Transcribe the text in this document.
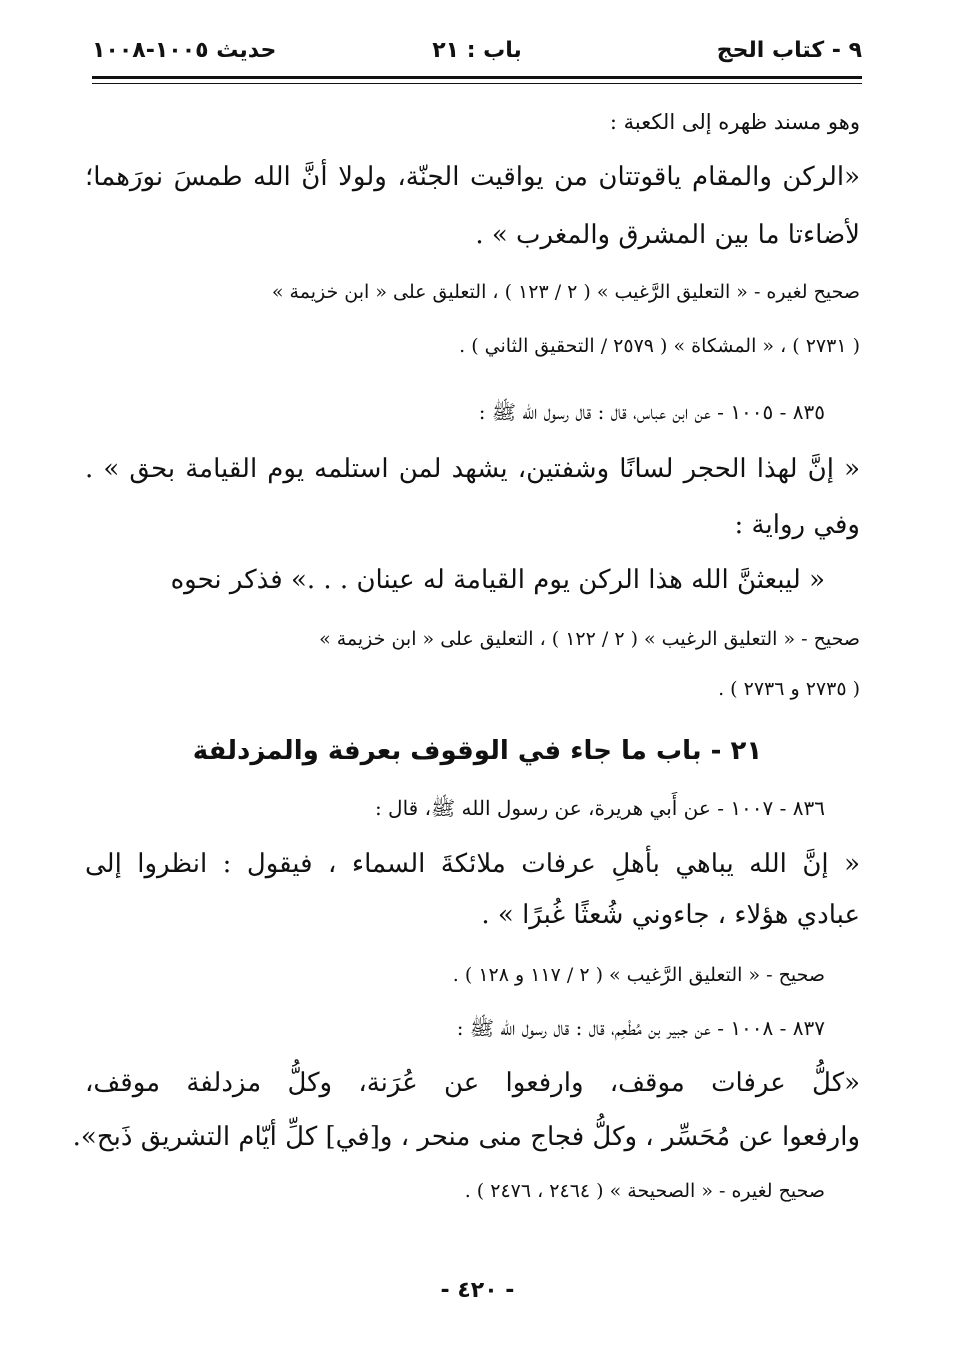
٩ - كتاب الحج
باب : ٢١
حديث ١٠٠٥-١٠٠٨
وهو مسند ظهره إلى الكعبة :
«الركن والمقام ياقوتتان من يواقيت الجنّة، ولولا أنَّ الله طمسَ نورَهما؛
لأضاءتا ما بين المشرق والمغرب » .
صحيح لغيره - « التعليق الرَّغيب » ( ٢ / ١٢٣ ) ، التعليق على « ابن خزيمة »
( ٢٧٣١ ) ، « المشكاة » ( ٢٥٧٩ / التحقيق الثاني ) .
٨٣٥ - ١٠٠٥ - عن ابن عباس، قال : قال رسول الله ﷺ :
« إنَّ لهذا الحجر لسانًا وشفتين، يشهد لمن استلمه يوم القيامة بحق » .
وفي رواية :
« ليبعثنَّ الله هذا الركن يوم القيامة له عينان . . .» فذكر نحوه
صحيح - « التعليق الرغيب » ( ٢ / ١٢٢ ) ، التعليق على « ابن خزيمة »
( ٢٧٣٥ و ٢٧٣٦ ) .
٢١ - باب ما جاء في الوقوف بعرفة والمزدلفة
٨٣٦ - ١٠٠٧ - عن أَبي هريرة، عن رسول الله ﷺ، قال :
« إنَّ الله يباهي بأهلِ عرفات ملائكةَ السماء ، فيقول : انظروا إلى
عبادي هؤلاء ، جاءوني شُعثًا غُبرًا » .
صحيح - « التعليق الرَّغيب » ( ٢ / ١١٧ و ١٢٨ ) .
٨٣٧ - ١٠٠٨ - عن جبير بن مُطْعِم، قال : قال رسول الله ﷺ :
«كلُّ عرفات موقف، وارفعوا عن عُرَنة، وكلُّ مزدلفة موقف،
وارفعوا عن مُحَسِّر ، وكلُّ فجاج منى منحر ، و[في] كلِّ أيّام التشريق ذَبح».
صحيح لغيره - « الصحيحة » ( ٢٤٦٤ ، ٢٤٧٦ ) .
- ٤٢٠ -
